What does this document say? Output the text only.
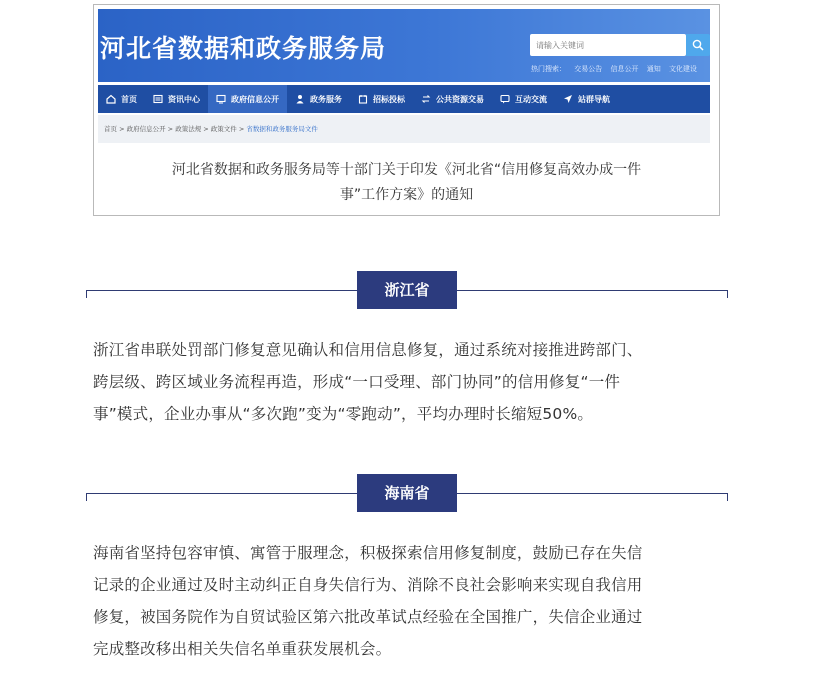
河北省数据和政务服务局
请输入关键词
热门搜索： 交易公告 信息公开 通知 文化建设
首页	资讯中心	政府信息公开	政务服务	招标投标	公共资源交易	互动交流	站群导航
首页 > 政府信息公开 > 政策法规 > 政策文件 > 省数据和政务服务局文件
河北省数据和政务服务局等十部门关于印发《河北省“信用修复高效办成一件
事”工作方案》的通知
浙江省
浙江省串联处罚部门修复意见确认和信用信息修复，通过系统对接推进跨部门、
跨层级、跨区域业务流程再造，形成“一口受理、部门协同”的信用修复“一件
事”模式，企业办事从“多次跑”变为“零跑动”，平均办理时长缩短50%。
海南省
海南省坚持包容审慎、寓管于服理念，积极探索信用修复制度，鼓励已存在失信
记录的企业通过及时主动纠正自身失信行为、消除不良社会影响来实现自我信用
修复，被国务院作为自贸试验区第六批改革试点经验在全国推广，失信企业通过
完成整改移出相关失信名单重获发展机会。
